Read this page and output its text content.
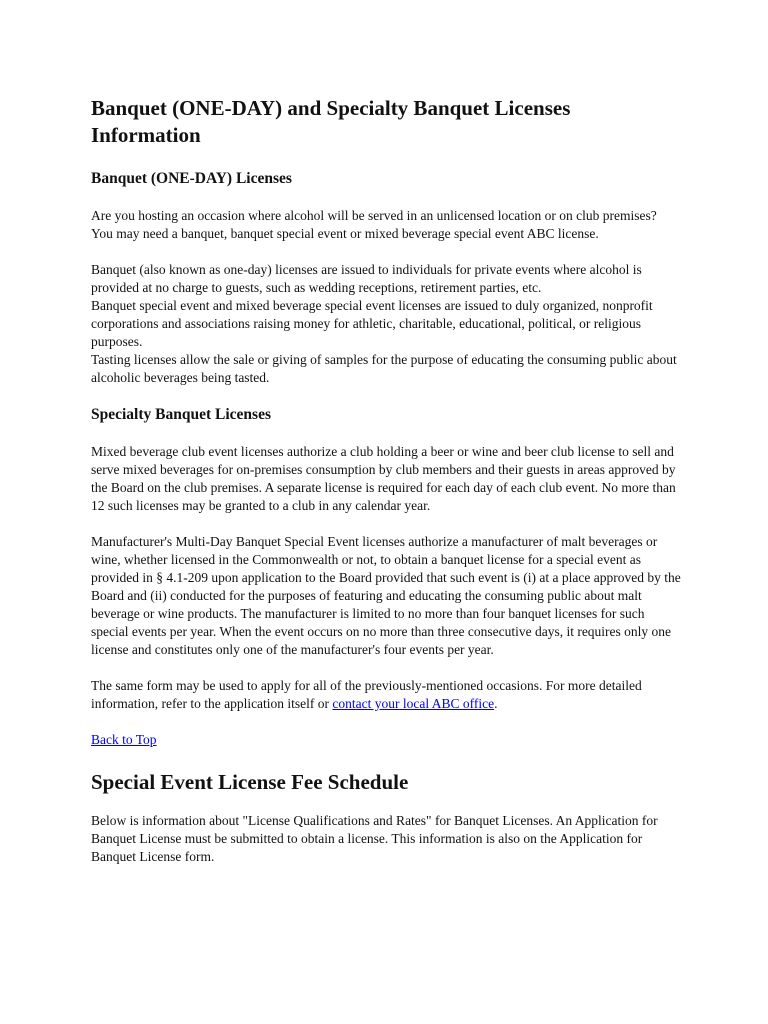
Banquet (ONE-DAY) and Specialty Banquet Licenses Information
Banquet (ONE-DAY) Licenses

Are you hosting an occasion where alcohol will be served in an unlicensed location or on club premises? You may need a banquet, banquet special event or mixed beverage special event ABC license.

Banquet (also known as one-day) licenses are issued to individuals for private events where alcohol is provided at no charge to guests, such as wedding receptions, retirement parties, etc.

Banquet special event and mixed beverage special event licenses are issued to duly organized, nonprofit corporations and associations raising money for athletic, charitable, educational, political, or religious purposes.

Tasting licenses allow the sale or giving of samples for the purpose of educating the consuming public about alcoholic beverages being tasted.

Specialty Banquet Licenses

Mixed beverage club event licenses authorize a club holding a beer or wine and beer club license to sell and serve mixed beverages for on-premises consumption by club members and their guests in areas approved by the Board on the club premises. A separate license is required for each day of each club event. No more than 12 such licenses may be granted to a club in any calendar year.

Manufacturer's Multi-Day Banquet Special Event licenses authorize a manufacturer of malt beverages or wine, whether licensed in the Commonwealth or not, to obtain a banquet license for a special event as provided in § 4.1-209 upon application to the Board provided that such event is (i) at a place approved by the Board and (ii) conducted for the purposes of featuring and educating the consuming public about malt beverage or wine products. The manufacturer is limited to no more than four banquet licenses for such special events per year. When the event occurs on no more than three consecutive days, it requires only one license and constitutes only one of the manufacturer's four events per year.

The same form may be used to apply for all of the previously-mentioned occasions. For more detailed information, refer to the application itself or contact your local ABC office.

Back to Top

Special Event License Fee Schedule

Below is information about "License Qualifications and Rates" for Banquet Licenses. An Application for Banquet License must be submitted to obtain a license. This information is also on the Application for Banquet License form.
